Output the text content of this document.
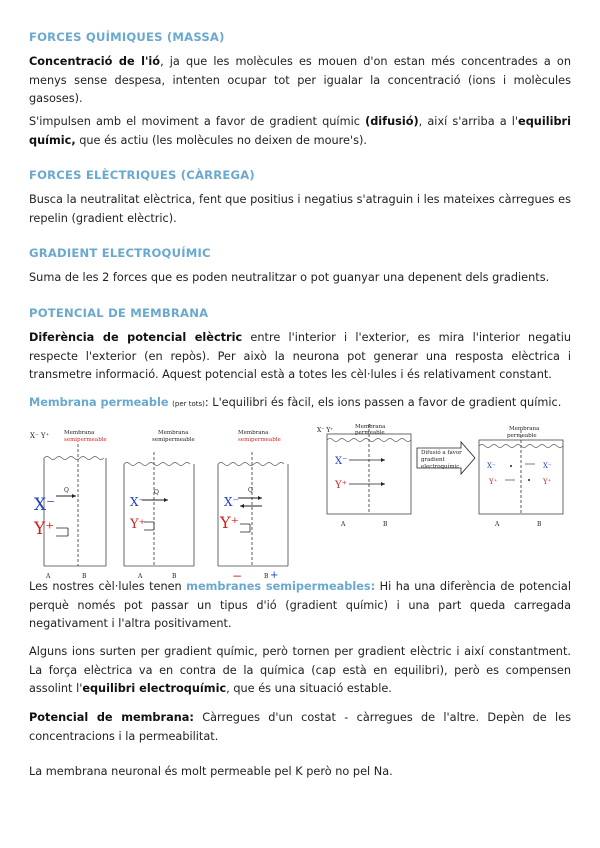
FORCES QUÍMIQUES (MASSA)
Concentració de l'ió, ja que les molècules es mouen d'on estan més concentrades a on menys sense despesa, intenten ocupar tot per igualar la concentració (ions i molècules gasoses).
S'impulsen amb el moviment a favor de gradient químic (difusió), així s'arriba a l'equilibri químic, que és actiu (les molècules no deixen de moure's).
FORCES ELÈCTRIQUES (CÀRREGA)
Busca la neutralitat elèctrica, fent que positius i negatius s'atraguin i les mateixes càrregues es repelin (gradient elèctric).
GRADIENT ELECTROQUÍMIC
Suma de les 2 forces que es poden neutralitzar o pot guanyar una depenent dels gradients.
POTENCIAL DE MEMBRANA
Diferència de potencial elèctric entre l'interior i l'exterior, es mira l'interior negatiu respecte l'exterior (en repòs). Per això la neurona pot generar una resposta elèctrica i transmetre informació. Aquest potencial està a totes les cèl·lules i és relativament constant.
Membrana permeable (per tots): L'equilibri és fàcil, els ions passen a favor de gradient químic.
X⁻ Y⁺	Membrana
semipermeable
X⁻
Y⁺
Q
A	B
Membrana
semipermeable
X⁻
Y⁺
Q
A	B
Membrana
semipermeable
X⁻
Y⁺
Q
−	B +
X⁻ Y⁺	Membrana
permeable
X⁻
Y⁺
A	B
Difusió a favor
gradient
electroquímic
Membrana
permeable
X⁻	X⁻
Y⁺	Y⁺
A	B
Les nostres cèl·lules tenen membranes semipermeables: Hi ha una diferència de potencial perquè només pot passar un tipus d'ió (gradient químic) i una part queda carregada negativament i l'altra positivament.
Alguns ions surten per gradient químic, però tornen per gradient elèctric i així constantment. La força elèctrica va en contra de la química (cap està en equilibri), però es compensen assolint l'equilibri electroquímic, que és una situació estable.
Potencial de membrana: Càrregues d'un costat - càrregues de l'altre. Depèn de les concentracions i la permeabilitat.
La membrana neuronal és molt permeable pel K però no pel Na.
